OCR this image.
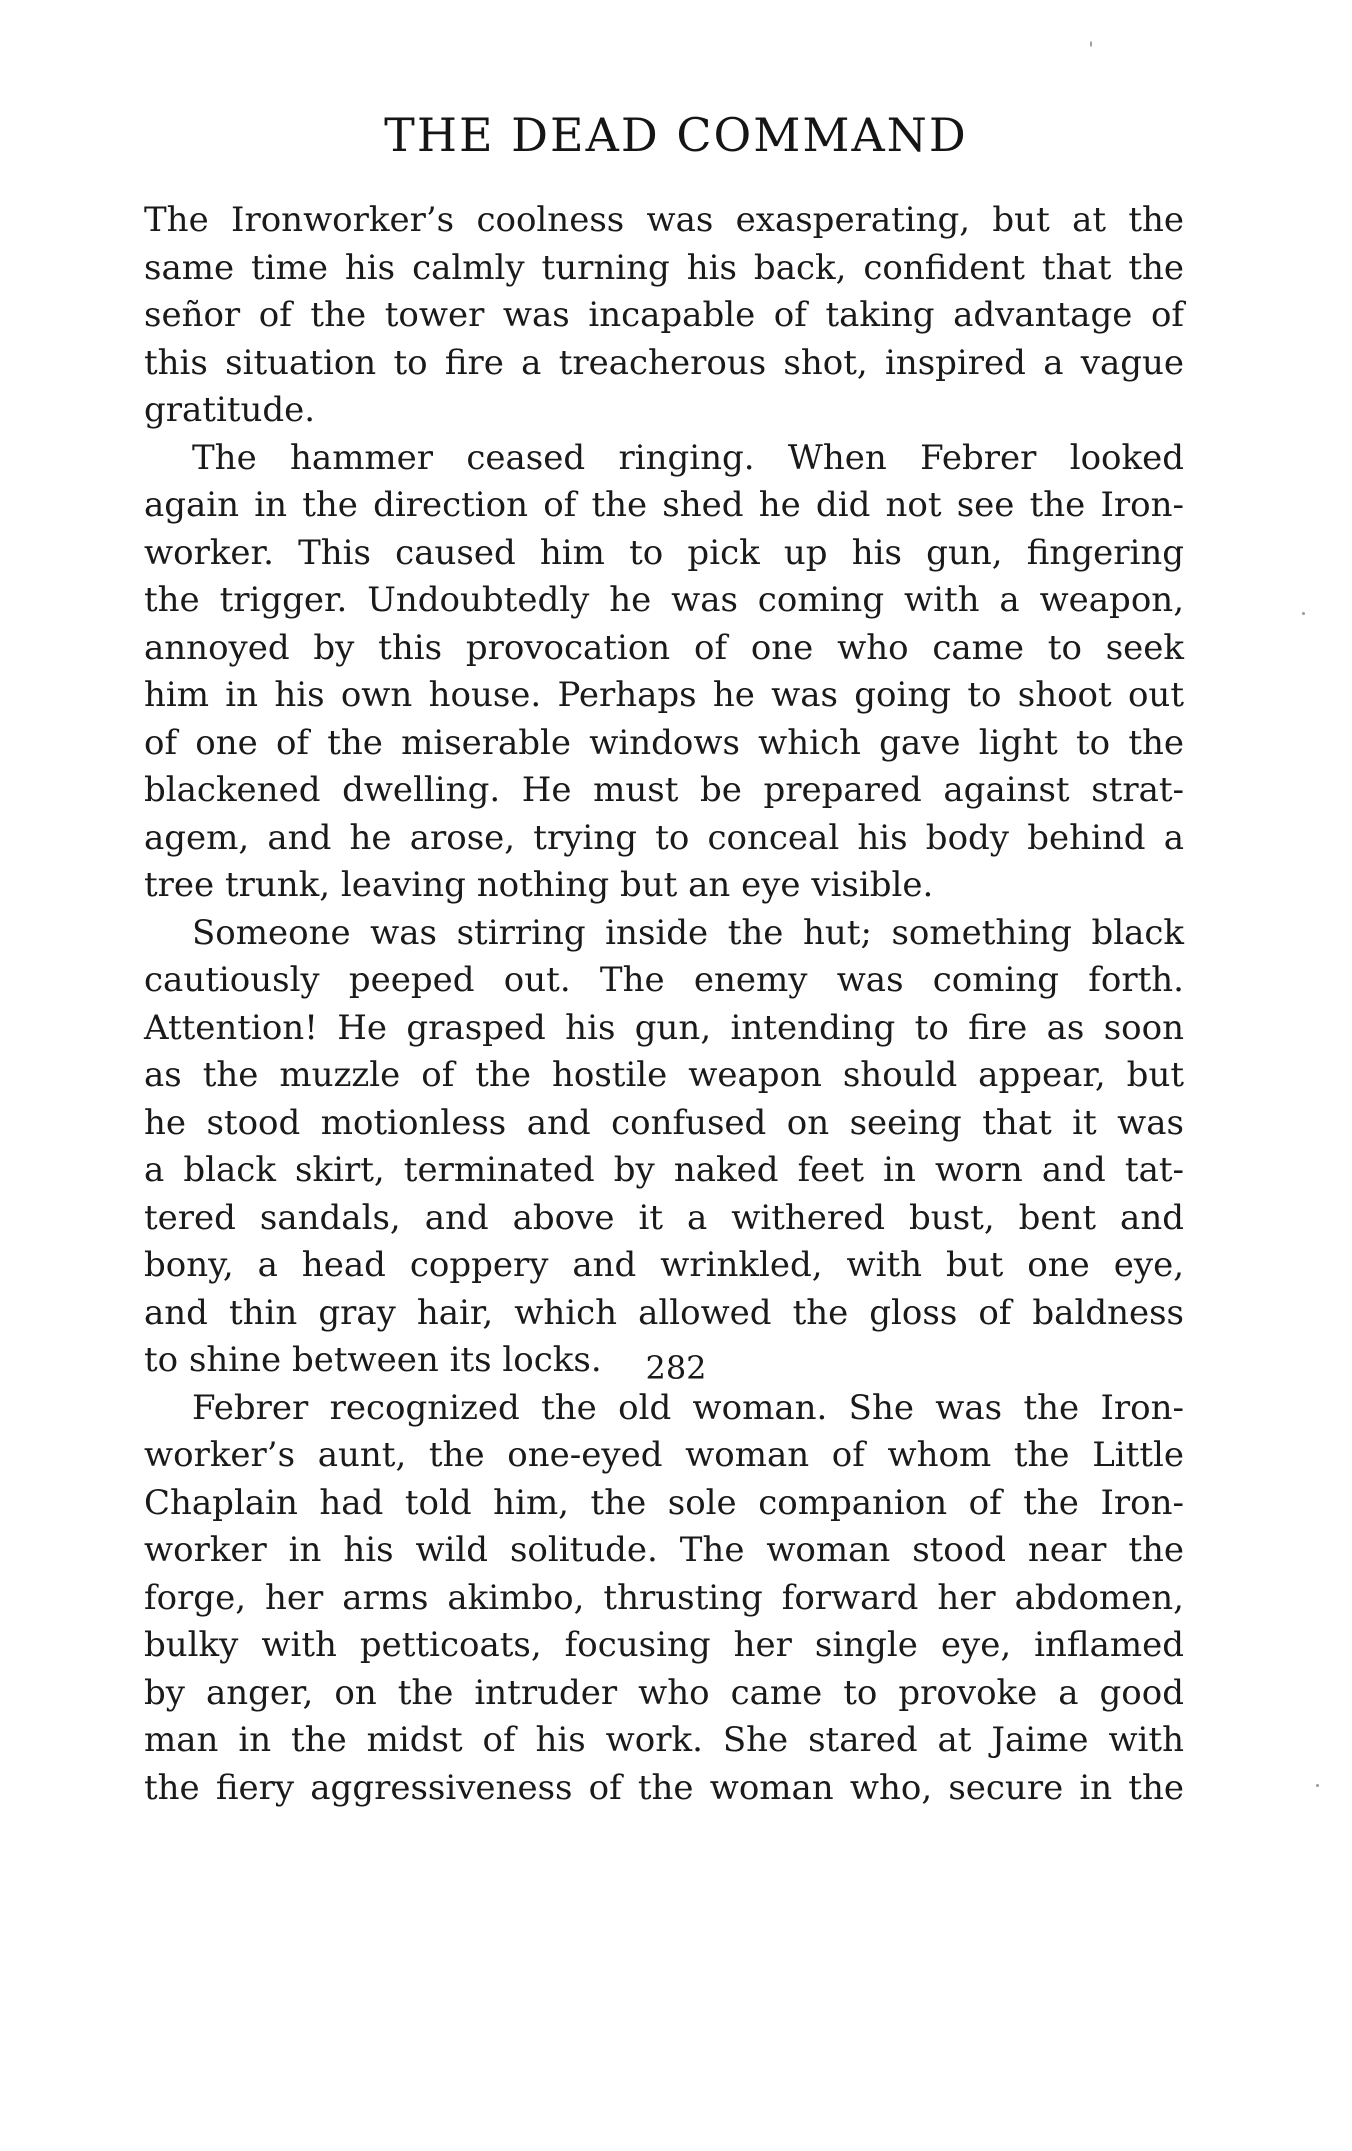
THE DEAD COMMAND
The Ironworker’s coolness was exasperating, but at the
same time his calmly turning his back, confident that the
señor of the tower was incapable of taking advantage of
this situation to fire a treacherous shot, inspired a vague
gratitude.
The hammer ceased ringing. When Febrer looked
again in the direction of the shed he did not see the Iron-
worker. This caused him to pick up his gun, fingering
the trigger. Undoubtedly he was coming with a weapon,
annoyed by this provocation of one who came to seek
him in his own house. Perhaps he was going to shoot out
of one of the miserable windows which gave light to the
blackened dwelling. He must be prepared against strat-
agem, and he arose, trying to conceal his body behind a
tree trunk, leaving nothing but an eye visible.
Someone was stirring inside the hut; something black
cautiously peeped out. The enemy was coming forth.
Attention! He grasped his gun, intending to fire as soon
as the muzzle of the hostile weapon should appear, but
he stood motionless and confused on seeing that it was
a black skirt, terminated by naked feet in worn and tat-
tered sandals, and above it a withered bust, bent and
bony, a head coppery and wrinkled, with but one eye,
and thin gray hair, which allowed the gloss of baldness
to shine between its locks.
Febrer recognized the old woman. She was the Iron-
worker’s aunt, the one-eyed woman of whom the Little
Chaplain had told him, the sole companion of the Iron-
worker in his wild solitude. The woman stood near the
forge, her arms akimbo, thrusting forward her abdomen,
bulky with petticoats, focusing her single eye, inflamed
by anger, on the intruder who came to provoke a good
man in the midst of his work. She stared at Jaime with
the fiery aggressiveness of the woman who, secure in the
282
